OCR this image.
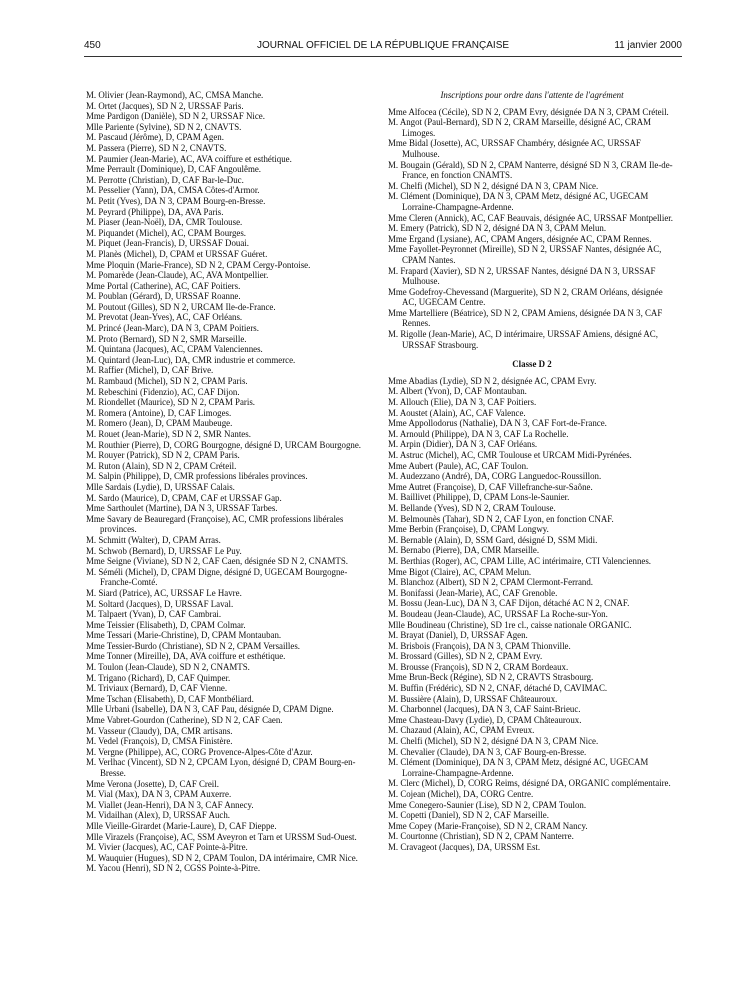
450	JOURNAL OFFICIEL DE LA RÉPUBLIQUE FRANÇAISE	11 janvier 2000
M. Olivier (Jean-Raymond), AC, CMSA Manche.
M. Ortet (Jacques), SD N 2, URSSAF Paris.
Mme Pardigon (Danièle), SD N 2, URSSAF Nice.
Mlle Pariente (Sylvine), SD N 2, CNAVTS.
M. Pascaud (Jérôme), D, CPAM Agen.
M. Passera (Pierre), SD N 2, CNAVTS.
M. Paumier (Jean-Marie), AC, AVA coiffure et esthétique.
Mme Perrault (Dominique), D, CAF Angoulême.
M. Perrotte (Christian), D, CAF Bar-le-Duc.
M. Pesselier (Yann), DA, CMSA Côtes-d'Armor.
M. Petit (Yves), DA N 3, CPAM Bourg-en-Bresse.
M. Peyrard (Philippe), DA, AVA Paris.
M. Piaser (Jean-Noël), DA, CMR Toulouse.
M. Piquandet (Michel), AC, CPAM Bourges.
M. Piquet (Jean-Francis), D, URSSAF Douai.
M. Planès (Michel), D, CPAM et URSSAF Guéret.
Mme Ploquin (Marie-France), SD N 2, CPAM Cergy-Pontoise.
M. Pomarède (Jean-Claude), AC, AVA Montpellier.
Mme Portal (Catherine), AC, CAF Poitiers.
M. Poublan (Gérard), D, URSSAF Roanne.
M. Poutout (Gilles), SD N 2, URCAM Ile-de-France.
M. Prevotat (Jean-Yves), AC, CAF Orléans.
M. Princé (Jean-Marc), DA N 3, CPAM Poitiers.
M. Proto (Bernard), SD N 2, SMR Marseille.
M. Quintana (Jacques), AC, CPAM Valenciennes.
M. Quintard (Jean-Luc), DA, CMR industrie et commerce.
M. Raffier (Michel), D, CAF Brive.
M. Rambaud (Michel), SD N 2, CPAM Paris.
M. Rebeschini (Fidenzio), AC, CAF Dijon.
M. Riondellet (Maurice), SD N 2, CPAM Paris.
M. Romera (Antoine), D, CAF Limoges.
M. Romero (Jean), D, CPAM Maubeuge.
M. Rouet (Jean-Marie), SD N 2, SMR Nantes.
M. Routhier (Pierre), D, CORG Bourgogne, désigné D, URCAM Bourgogne.
M. Rouyer (Patrick), SD N 2, CPAM Paris.
M. Ruton (Alain), SD N 2, CPAM Créteil.
M. Salpin (Philippe), D, CMR professions libérales provinces.
Mlle Sardais (Lydie), D, URSSAF Calais.
M. Sardo (Maurice), D, CPAM, CAF et URSSAF Gap.
Mme Sarthoulet (Martine), DA N 3, URSSAF Tarbes.
Mme Savary de Beauregard (Françoise), AC, CMR professions libérales provinces.
M. Schmitt (Walter), D, CPAM Arras.
M. Schwob (Bernard), D, URSSAF Le Puy.
Mme Seigne (Viviane), SD N 2, CAF Caen, désignée SD N 2, CNAMTS.
M. Séméli (Michel), D, CPAM Digne, désigné D, UGECAM Bourgogne-Franche-Comté.
M. Siard (Patrice), AC, URSSAF Le Havre.
M. Soltard (Jacques), D, URSSAF Laval.
M. Talpaert (Yvan), D, CAF Cambrai.
Mme Teissier (Elisabeth), D, CPAM Colmar.
Mme Tessari (Marie-Christine), D, CPAM Montauban.
Mme Tessier-Burdo (Christiane), SD N 2, CPAM Versailles.
Mme Tonner (Mireille), DA, AVA coiffure et esthétique.
M. Toulon (Jean-Claude), SD N 2, CNAMTS.
M. Trigano (Richard), D, CAF Quimper.
M. Triviaux (Bernard), D, CAF Vienne.
Mme Tschan (Elisabeth), D, CAF Montbéliard.
Mlle Urbani (Isabelle), DA N 3, CAF Pau, désignée D, CPAM Digne.
Mme Vabret-Gourdon (Catherine), SD N 2, CAF Caen.
M. Vasseur (Claudy), DA, CMR artisans.
M. Vedel (François), D, CMSA Finistère.
M. Vergne (Philippe), AC, CORG Provence-Alpes-Côte d'Azur.
M. Verlhac (Vincent), SD N 2, CPCAM Lyon, désigné D, CPAM Bourg-en-Bresse.
Mme Verona (Josette), D, CAF Creil.
M. Vial (Max), DA N 3, CPAM Auxerre.
M. Viallet (Jean-Henri), DA N 3, CAF Annecy.
M. Vidailhan (Alex), D, URSSAF Auch.
Mlle Vieille-Girardet (Marie-Laure), D, CAF Dieppe.
Mlle Virazels (Françoise), AC, SSM Aveyron et Tarn et URSSM Sud-Ouest.
M. Vivier (Jacques), AC, CAF Pointe-à-Pitre.
M. Wauquier (Hugues), SD N 2, CPAM Toulon, DA intérimaire, CMR Nice.
M. Yacou (Henri), SD N 2, CGSS Pointe-à-Pitre.
Inscriptions pour ordre dans l'attente de l'agrément
Mme Alfocea (Cécile), SD N 2, CPAM Evry, désignée DA N 3, CPAM Créteil.
M. Angot (Paul-Bernard), SD N 2, CRAM Marseille, désigné AC, CRAM Limoges.
Mme Bidal (Josette), AC, URSSAF Chambéry, désignée AC, URSSAF Mulhouse.
M. Bougain (Gérald), SD N 2, CPAM Nanterre, désigné SD N 3, CRAM Ile-de-France, en fonction CNAMTS.
M. Chelfi (Michel), SD N 2, désigné DA N 3, CPAM Nice.
M. Clément (Dominique), DA N 3, CPAM Metz, désigné AC, UGECAM Lorraine-Champagne-Ardenne.
Mme Cleren (Annick), AC, CAF Beauvais, désignée AC, URSSAF Montpellier.
M. Emery (Patrick), SD N 2, désigné DA N 3, CPAM Melun.
Mme Ergand (Lysiane), AC, CPAM Angers, désignée AC, CPAM Rennes.
Mme Fayollet-Peyronnet (Mireille), SD N 2, URSSAF Nantes, désignée AC, CPAM Nantes.
M. Frapard (Xavier), SD N 2, URSSAF Nantes, désigné DA N 3, URSSAF Mulhouse.
Mme Godefroy-Chevessand (Marguerite), SD N 2, CRAM Orléans, désignée AC, UGECAM Centre.
Mme Martelliere (Béatrice), SD N 2, CPAM Amiens, désignée DA N 3, CAF Rennes.
M. Rigolle (Jean-Marie), AC, D intérimaire, URSSAF Amiens, désigné AC, URSSAF Strasbourg.
Classe D 2
Mme Abadias (Lydie), SD N 2, désignée AC, CPAM Evry.
M. Albert (Yvon), D, CAF Montauban.
M. Allouch (Elie), DA N 3, CAF Poitiers.
M. Aoustet (Alain), AC, CAF Valence.
Mme Appollodorus (Nathalie), DA N 3, CAF Fort-de-France.
M. Arnould (Philippe), DA N 3, CAF La Rochelle.
M. Arpin (Didier), DA N 3, CAF Orléans.
M. Astruc (Michel), AC, CMR Toulouse et URCAM Midi-Pyrénées.
Mme Aubert (Paule), AC, CAF Toulon.
M. Audezzano (André), DA, CORG Languedoc-Roussillon.
Mme Autret (Françoise), D, CAF Villefranche-sur-Saône.
M. Baillivet (Philippe), D, CPAM Lons-le-Saunier.
M. Bellande (Yves), SD N 2, CRAM Toulouse.
M. Belmounès (Tahar), SD N 2, CAF Lyon, en fonction CNAF.
Mme Berbin (Françoise), D, CPAM Longwy.
M. Bernable (Alain), D, SSM Gard, désigné D, SSM Midi.
M. Bernabo (Pierre), DA, CMR Marseille.
M. Berthias (Roger), AC, CPAM Lille, AC intérimaire, CTI Valenciennes.
Mme Bigot (Claire), AC, CPAM Melun.
M. Blanchoz (Albert), SD N 2, CPAM Clermont-Ferrand.
M. Bonifassi (Jean-Marie), AC, CAF Grenoble.
M. Bossu (Jean-Luc), DA N 3, CAF Dijon, détaché AC N 2, CNAF.
M. Boudeau (Jean-Claude), AC, URSSAF La Roche-sur-Yon.
Mlle Boudineau (Christine), SD 1re cl., caisse nationale ORGANIC.
M. Brayat (Daniel), D, URSSAF Agen.
M. Brisbois (François), DA N 3, CPAM Thionville.
M. Brossard (Gilles), SD N 2, CPAM Evry.
M. Brousse (François), SD N 2, CRAM Bordeaux.
Mme Brun-Beck (Régine), SD N 2, CRAVTS Strasbourg.
M. Buffin (Frédéric), SD N 2, CNAF, détaché D, CAVIMAC.
M. Bussière (Alain), D, URSSAF Châteauroux.
M. Charbonnel (Jacques), DA N 3, CAF Saint-Brieuc.
Mme Chasteau-Davy (Lydie), D, CPAM Châteauroux.
M. Chazaud (Alain), AC, CPAM Evreux.
M. Chelfi (Michel), SD N 2, désigné DA N 3, CPAM Nice.
M. Chevalier (Claude), DA N 3, CAF Bourg-en-Bresse.
M. Clément (Dominique), DA N 3, CPAM Metz, désigné AC, UGECAM Lorraine-Champagne-Ardenne.
M. Clerc (Michel), D, CORG Reims, désigné DA, ORGANIC complémentaire.
M. Cojean (Michel), DA, CORG Centre.
Mme Conegero-Saunier (Lise), SD N 2, CPAM Toulon.
M. Copetti (Daniel), SD N 2, CAF Marseille.
Mme Copey (Marie-Françoise), SD N 2, CRAM Nancy.
M. Courtonne (Christian), SD N 2, CPAM Nanterre.
M. Cravageot (Jacques), DA, URSSM Est.
